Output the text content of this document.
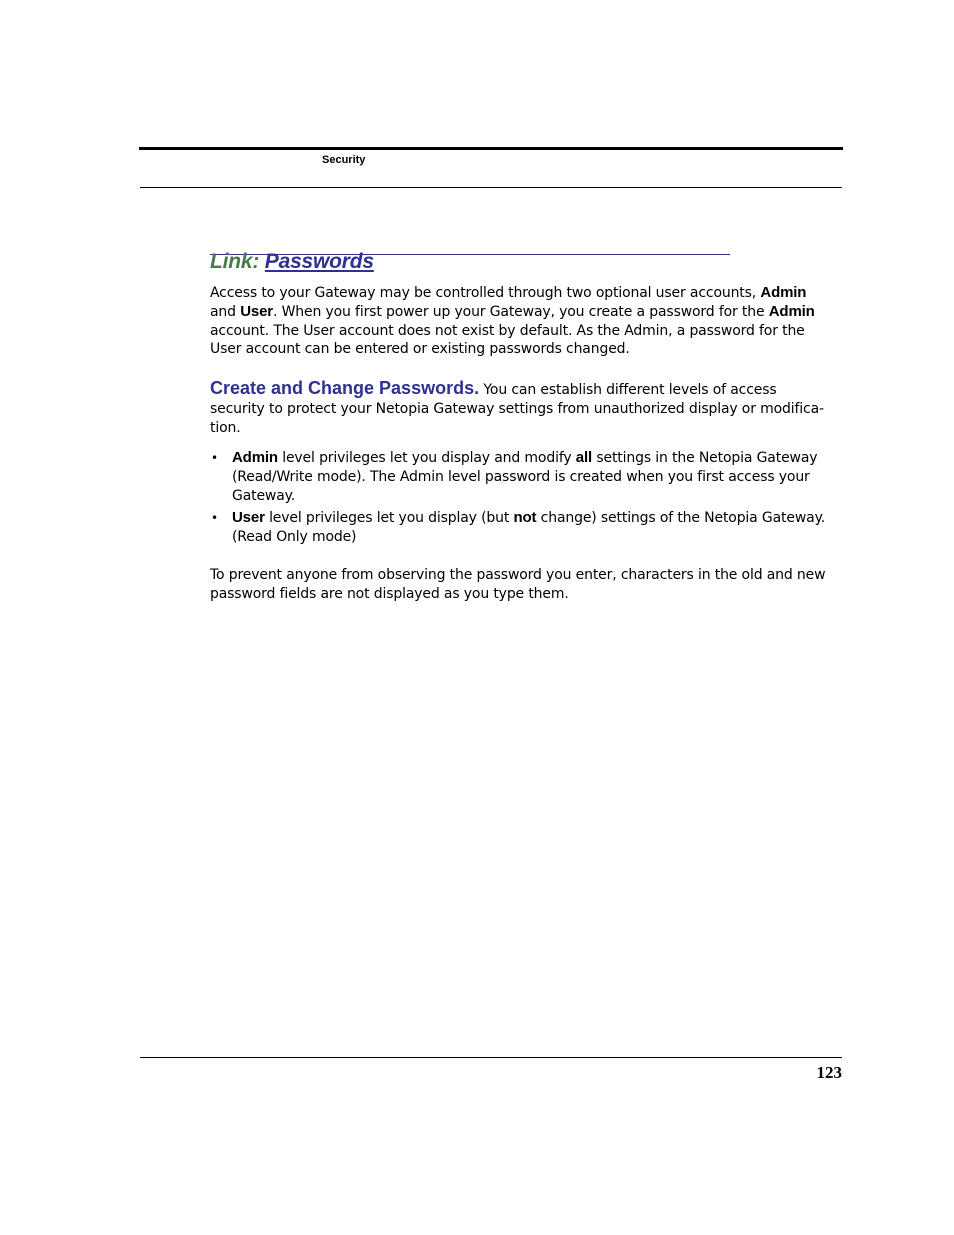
Security
Link: Passwords

Access to your Gateway may be controlled through two optional user accounts, Admin and User. When you first power up your Gateway, you create a password for the Admin account. The User account does not exist by default. As the Admin, a password for the User account can be entered or existing passwords changed.

Create and Change Passwords. You can establish different levels of access security to protect your Netopia Gateway settings from unauthorized display or modifica-tion.

• Admin level privileges let you display and modify all settings in the Netopia Gateway (Read/Write mode). The Admin level password is created when you first access your Gateway.
• User level privileges let you display (but not change) settings of the Netopia Gateway. (Read Only mode)

To prevent anyone from observing the password you enter, characters in the old and new password fields are not displayed as you type them.

123
